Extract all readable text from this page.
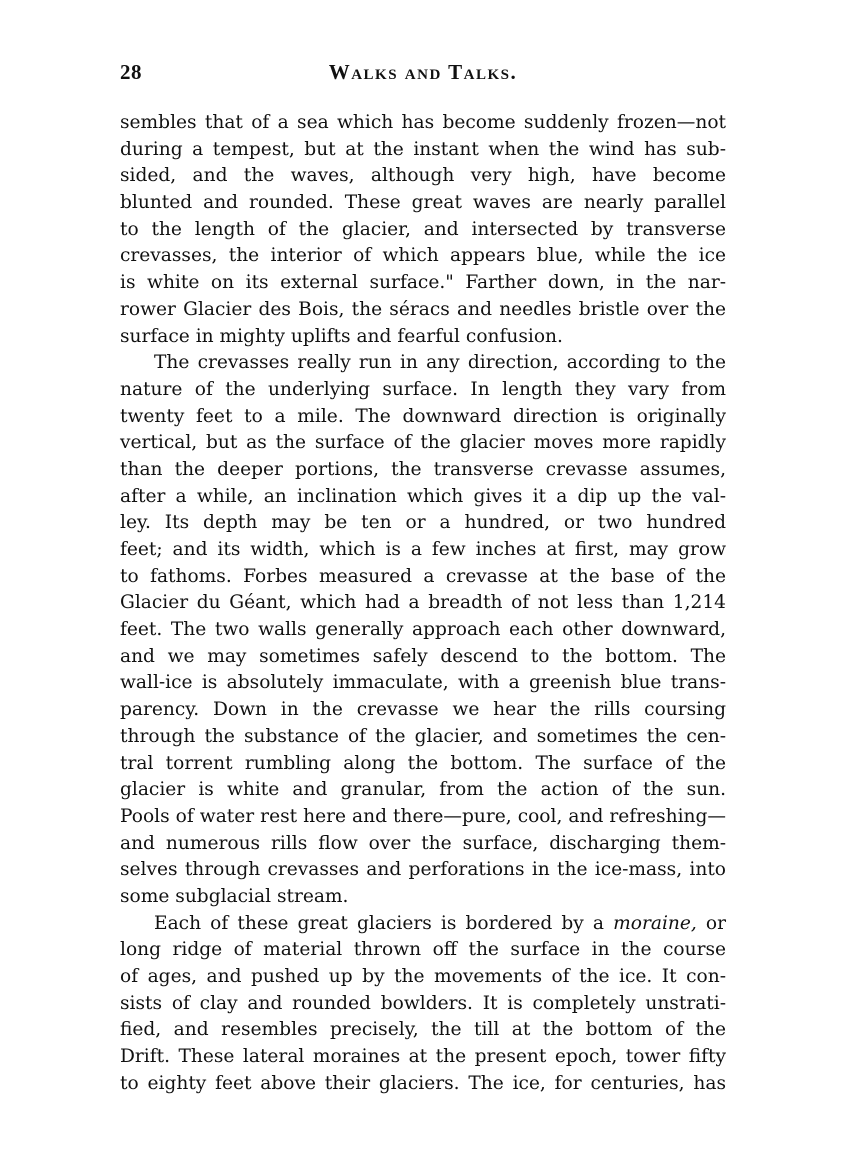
28	Walks and Talks.
sembles that of a sea which has become suddenly frozen—not
during a tempest, but at the instant when the wind has sub-
sided, and the waves, although very high, have become
blunted and rounded. These great waves are nearly parallel
to the length of the glacier, and intersected by transverse
crevasses, the interior of which appears blue, while the ice
is white on its external surface." Farther down, in the nar-
rower Glacier des Bois, the séracs and needles bristle over the
surface in mighty uplifts and fearful confusion.
The crevasses really run in any direction, according to the
nature of the underlying surface. In length they vary from
twenty feet to a mile. The downward direction is originally
vertical, but as the surface of the glacier moves more rapidly
than the deeper portions, the transverse crevasse assumes,
after a while, an inclination which gives it a dip up the val-
ley. Its depth may be ten or a hundred, or two hundred
feet; and its width, which is a few inches at first, may grow
to fathoms. Forbes measured a crevasse at the base of the
Glacier du Géant, which had a breadth of not less than 1,214
feet. The two walls generally approach each other downward,
and we may sometimes safely descend to the bottom. The
wall-ice is absolutely immaculate, with a greenish blue trans-
parency. Down in the crevasse we hear the rills coursing
through the substance of the glacier, and sometimes the cen-
tral torrent rumbling along the bottom. The surface of the
glacier is white and granular, from the action of the sun.
Pools of water rest here and there—pure, cool, and refreshing—
and numerous rills flow over the surface, discharging them-
selves through crevasses and perforations in the ice-mass, into
some subglacial stream.
Each of these great glaciers is bordered by a moraine, or
long ridge of material thrown off the surface in the course
of ages, and pushed up by the movements of the ice. It con-
sists of clay and rounded bowlders. It is completely unstrati-
fied, and resembles precisely, the till at the bottom of the
Drift. These lateral moraines at the present epoch, tower fifty
to eighty feet above their glaciers. The ice, for centuries, has
